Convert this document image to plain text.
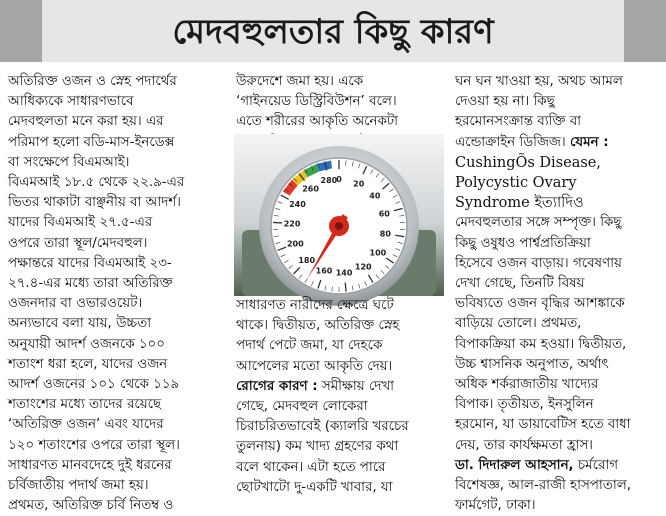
মেদবহুলতার কিছু কারণ

অতিরিক্ত ওজন ও স্নেহ পদার্থের

আধিক্যকে সাধারণভাবে

মেদবহুলতা মনে করা হয়। এর

পরিমাপ হলো বডি-মাস-ইনডেক্স

বা সংক্ষেপে বিএমআই।

বিএমআই ১৮.৫ থেকে ২২.৯-এর

ভিতর থাকাটা বাঞ্ছনীয় বা আদর্শ।

যাদের বিএমআই ২৭.৫-এর

ওপরে তারা স্থূল/মেদবহুল।

পক্ষান্তরে যাদের বিএমআই ২৩-

২৭.৪-এর মধ্যে তারা অতিরিক্ত

ওজনদার বা ওভারওয়েট।

অন্যভাবে বলা যায়, উচ্চতা

অনুযায়ী আদর্শ ওজনকে ১০০

শতাংশ ধরা হলে, যাদের ওজন

আদর্শ ওজনের ১০১ থেকে ১১৯

শতাংশের মধ্যে তাদের রয়েছে

‘অতিরিক্ত ওজন’ এবং যাদের

১২০ শতাংশের ওপরে তারা স্থূল।

সাধারণত মানবদেহে দুই ধরনের

চর্বিজাতীয় পদার্থ জমা হয়।

প্রথমত, অতিরিক্ত চর্বি নিতম্ব ও

উরুদেশে জমা হয়। একে

‘গাইনয়েড ডিস্ট্রিবিউশন’ বলে।

এতে শরীরের আকৃতি অনেকটা

0 20
40
60
80
100
120
140
160
180
200
220
240
260
280

সাধারণত নারীদের ক্ষেত্রে ঘটে

থাকে। দ্বিতীয়ত, অতিরিক্ত স্নেহ

পদার্থ পেটে জমা, যা দেহকে

আপেলের মতো আকৃতি দেয়।

রোগের কারণ : সমীক্ষায় দেখা

গেছে, মেদবহুল লোকেরা

চিরাচরিতভাবেই (ক্যালরি খরচের

তুলনায়) কম খাদ্য গ্রহণের কথা

বলে থাকেন। এটা হতে পারে

ছোটখাটো দু-একটি খাবার, যা

ঘন ঘন খাওয়া হয়, অথচ আমল

দেওয়া হয় না। কিছু

হরমোনসংক্রান্ত ব্যক্তি বা

এন্ডোক্রাইন ডিজিজ। যেমন :

CushingÕs Disease,

Polycystic Ovary

Syndrome ইত্যাদিও

মেদবহুলতার সঙ্গে সম্পৃক্ত। কিছু

কিছু ওষুধও পার্শ্বপ্রতিক্রিয়া

হিসেবে ওজন বাড়ায়। গবেষণায়

দেখা গেছে, তিনটি বিষয়

ভবিষ্যতে ওজন বৃদ্ধির আশঙ্কাকে

বাড়িয়ে তোলে। প্রথমত,

বিপাকক্রিয়া কম হওয়া। দ্বিতীয়ত,

উচ্চ শ্বাসনিক অনুপাত, অর্থাৎ

অধিক শর্করাজাতীয় খাদ্যের

বিপাক। তৃতীয়ত, ইনসুলিন

হরমোন, যা ডায়াবেটিস হতে বাধা

দেয়, তার কার্যক্ষমতা হ্রাস।

ডা. দিদারুল আহসান, চর্মরোগ

বিশেষজ্ঞ, আল-রাজী হাসপাতাল,

ফার্মগেট, ঢাকা।
